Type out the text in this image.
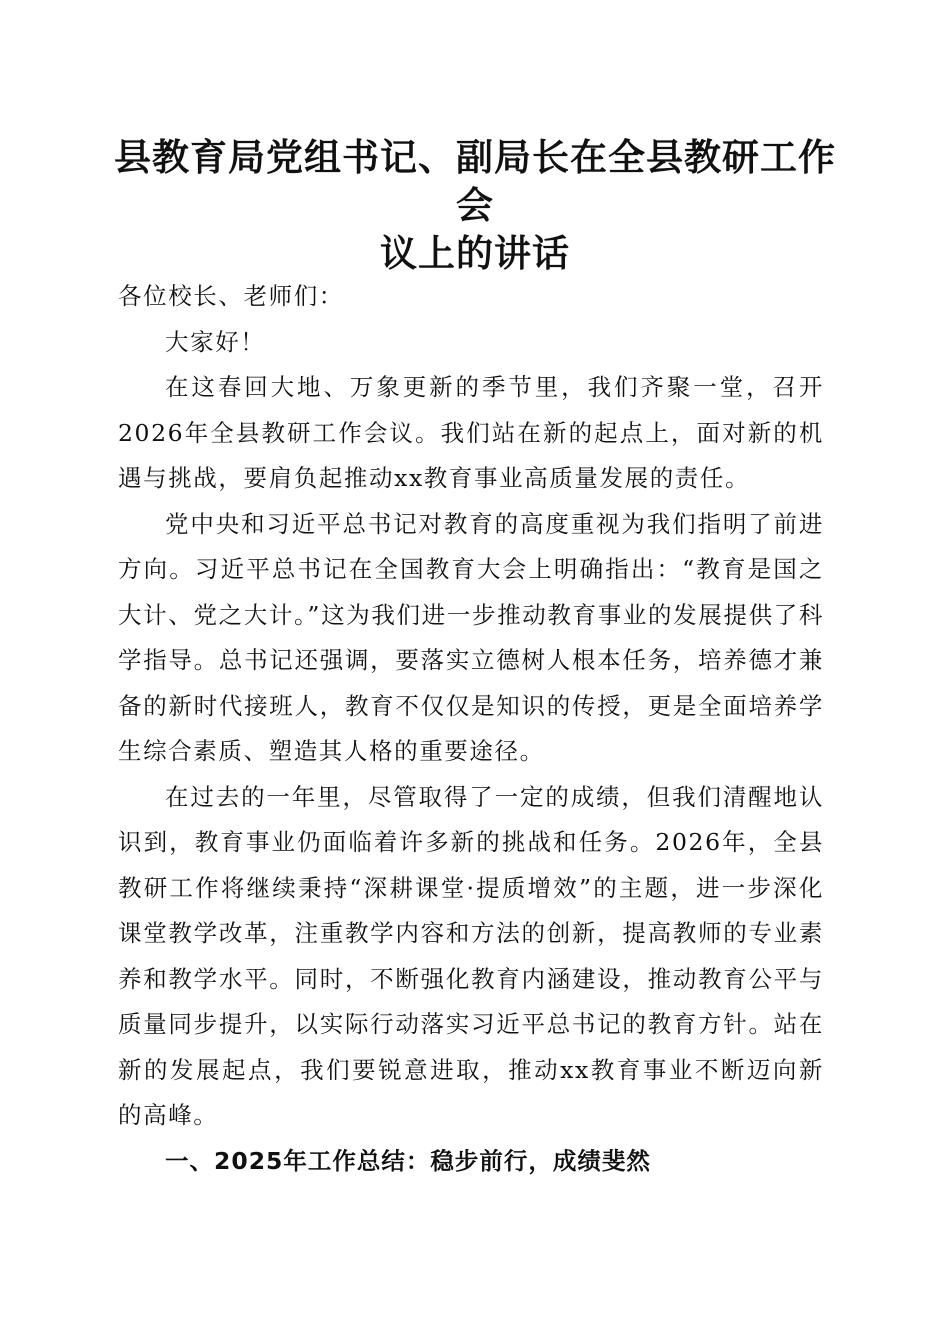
县教育局党组书记、副局长在全县教研工作会
议上的讲话

各位校长、老师们：

大家好！

在这春回大地、万象更新的季节里，我们齐聚一堂，召开2026年全县教研工作会议。我们站在新的起点上，面对新的机遇与挑战，要肩负起推动xx教育事业高质量发展的责任。

党中央和习近平总书记对教育的高度重视为我们指明了前进方向。习近平总书记在全国教育大会上明确指出：“教育是国之大计、党之大计。”这为我们进一步推动教育事业的发展提供了科学指导。总书记还强调，要落实立德树人根本任务，培养德才兼备的新时代接班人，教育不仅仅是知识的传授，更是全面培养学生综合素质、塑造其人格的重要途径。

在过去的一年里，尽管取得了一定的成绩，但我们清醒地认识到，教育事业仍面临着许多新的挑战和任务。2026年，全县教研工作将继续秉持“深耕课堂·提质增效”的主题，进一步深化课堂教学改革，注重教学内容和方法的创新，提高教师的专业素养和教学水平。同时，不断强化教育内涵建设，推动教育公平与质量同步提升，以实际行动落实习近平总书记的教育方针。站在新的发展起点，我们要锐意进取，推动xx教育事业不断迈向新的高峰。

一、2025年工作总结：稳步前行，成绩斐然
